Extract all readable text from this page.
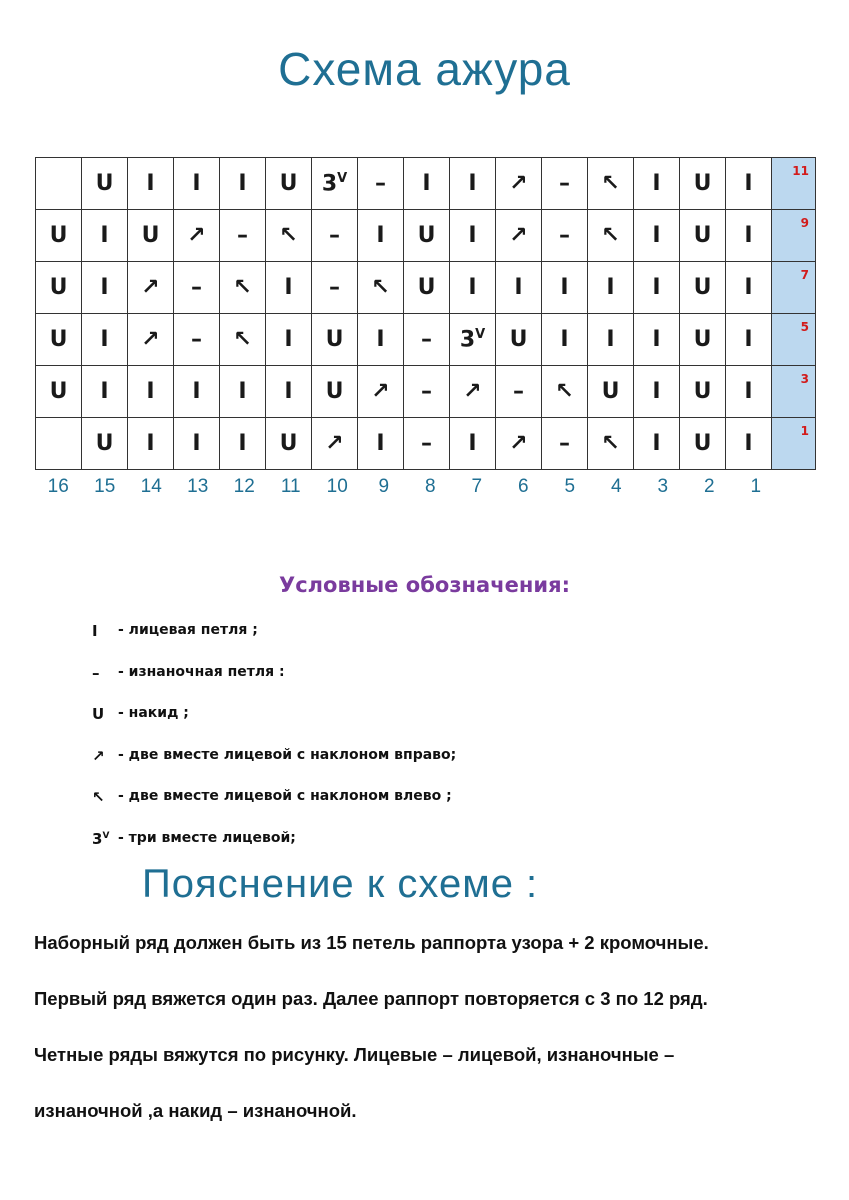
Схема ажура
	U	I	I	I	U	$3^V$	–	I	I	↗	–	↖	I	U	I	11
U	I	U	↗	–	↖	–	I	U	I	↗	–	↖	I	U	I	9
U	I	↗	–	↖	I	–	↖	U	I	I	I	I	I	U	I	7
U	I	↗	–	↖	I	U	I	–	$3^V$	U	I	I	I	U	I	5
U	I	I	I	I	I	U	↗	–	↗	–	↖	U	I	U	I	3
	U	I	I	I	U	↗	I	–	I	↗	–	↖	I	U	I	1
16	15	14	13	12	11	10	9	8	7	6	5	4	3	2	1
Условные обозначения:
I	- лицевая петля ;
–	- изнаночная петля :
U - накид ;
↗ - две вместе лицевой с наклоном вправо;
↖ - две вместе лицевой с наклоном влево ;
$3^V$ - три вместе лицевой;
Пояснение к схеме :

Наборный ряд должен быть из 15 петель раппорта узора + 2 кромочные.

Первый ряд вяжется один раз. Далее раппорт повторяется с 3 по 12 ряд.

Четные ряды вяжутся по рисунку. Лицевые – лицевой, изнаночные –

изнаночной ,а накид – изнаночной.
